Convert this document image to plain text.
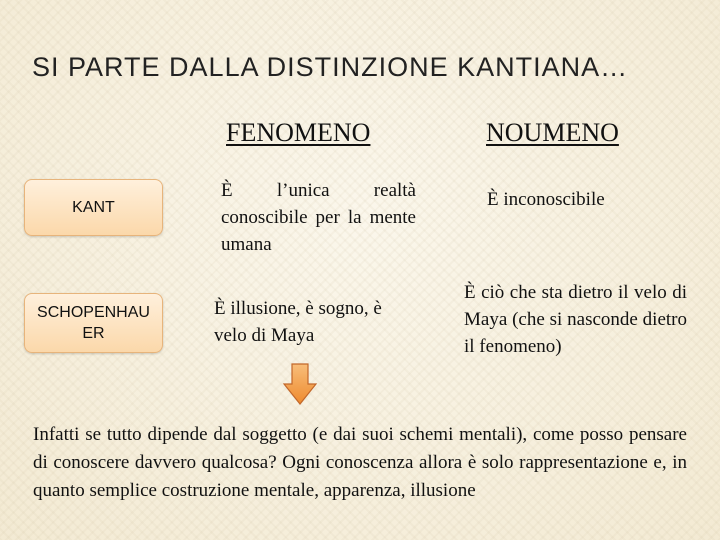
SI PARTE DALLA DISTINZIONE KANTIANA…
FENOMENO	NOUMENO
KANT
SCHOPENHAU ER
È l’unica realtà conoscibile per la mente umana
È inconoscibile
È illusione, è sogno, è velo di Maya
È ciò che sta dietro il velo di Maya (che si nasconde dietro il fenomeno)
Infatti se tutto dipende dal soggetto (e dai suoi schemi mentali), come posso pensare di conoscere davvero qualcosa? Ogni conoscenza allora è solo rappresentazione e, in quanto semplice costruzione mentale, apparenza, illusione
